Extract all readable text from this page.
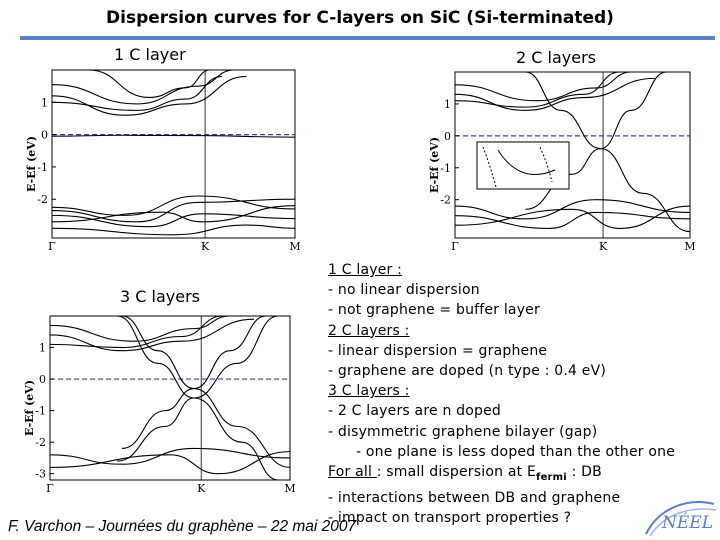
Dispersion curves for C-layers on SiC (Si-terminated)
1 C layer	2 C layers
3 C layers
1
0
-1
-2
Γ	K	M
E-Ef (eV)
1
0
-1
-2
Γ	K	M
E-Ef (eV)
1
0
-1
-2
-3
Γ	K	M
E-Ef (eV)
1 C layer :
- no linear dispersion
- not graphene = buffer layer
2 C layers :
- linear dispersion = graphene
- graphene are doped (n type : 0.4 eV)
3 C layers :
- 2 C layers are n doped
- disymmetric graphene bilayer (gap)
- one plane is less doped than the other one
For all : small dispersion at $E_{fermi}$ : DB
- interactions between DB and graphene
- impact on transport properties ?
F. Varchon – Journées du graphène – 22 mai 2007	NÉEL
